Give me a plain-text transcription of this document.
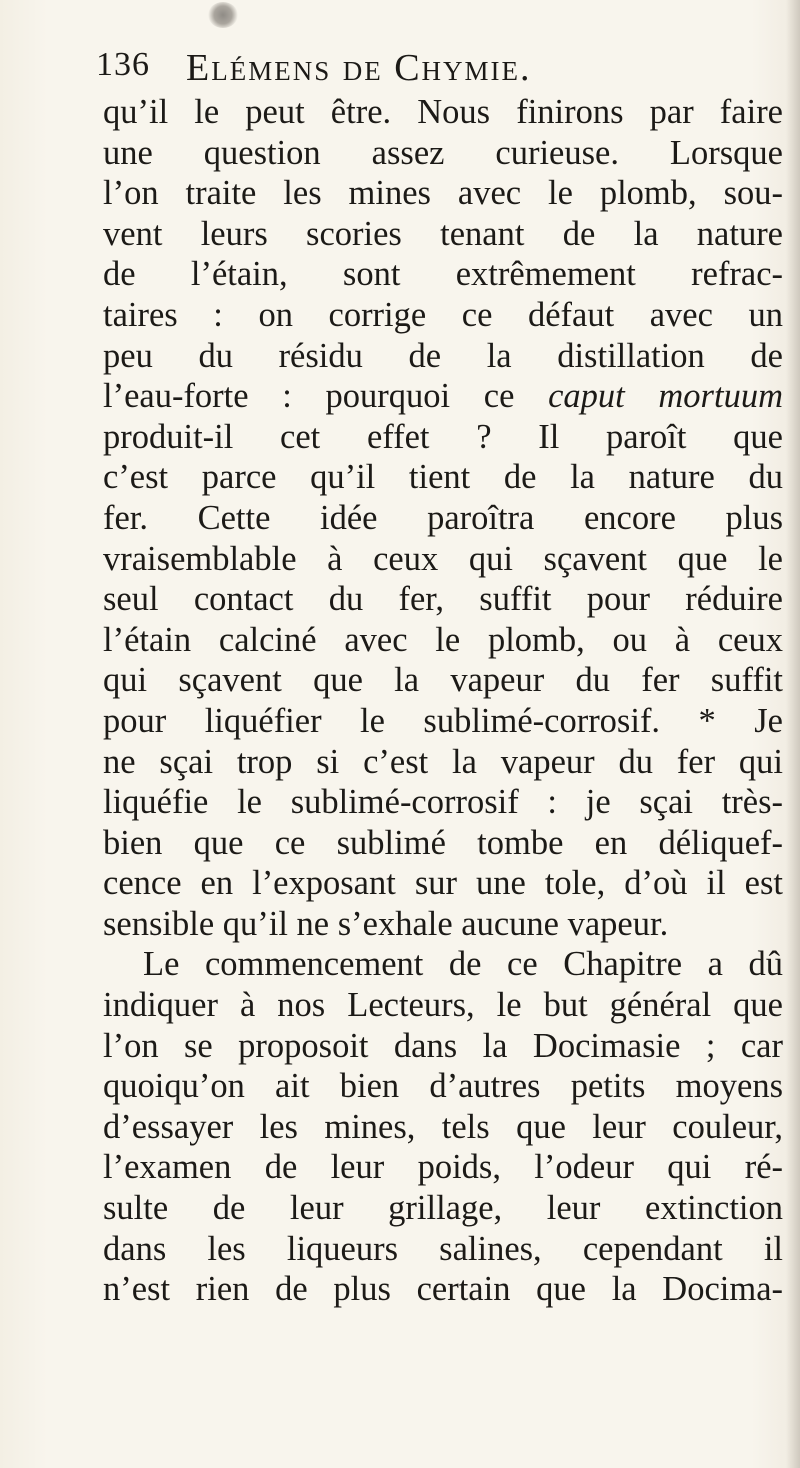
136 Elémens de Chymie.
qu’il le peut être. Nous finirons par faire
une question assez curieuse. Lorsque
l’on traite les mines avec le plomb, sou-
vent leurs scories tenant de la nature
de l’étain, sont extrêmement refrac-
taires : on corrige ce défaut avec un
peu du résidu de la distillation de
l’eau-forte : pourquoi ce caput mortuum
produit-il cet effet ? Il paroît que
c’est parce qu’il tient de la nature du
fer. Cette idée paroîtra encore plus
vraisemblable à ceux qui sçavent que le
seul contact du fer, suffit pour réduire
l’étain calciné avec le plomb, ou à ceux
qui sçavent que la vapeur du fer suffit
pour liquéfier le sublimé-corrosif. * Je
ne sçai trop si c’est la vapeur du fer qui
liquéfie le sublimé-corrosif : je sçai très-
bien que ce sublimé tombe en déliquef-
cence en l’exposant sur une tole, d’où il est
sensible qu’il ne s’exhale aucune vapeur.
Le commencement de ce Chapitre a dû
indiquer à nos Lecteurs, le but général que
l’on se proposoit dans la Docimasie ; car
quoiqu’on ait bien d’autres petits moyens
d’essayer les mines, tels que leur couleur,
l’examen de leur poids, l’odeur qui ré-
sulte de leur grillage, leur extinction
dans les liqueurs salines, cependant il
n’est rien de plus certain que la Docima-
